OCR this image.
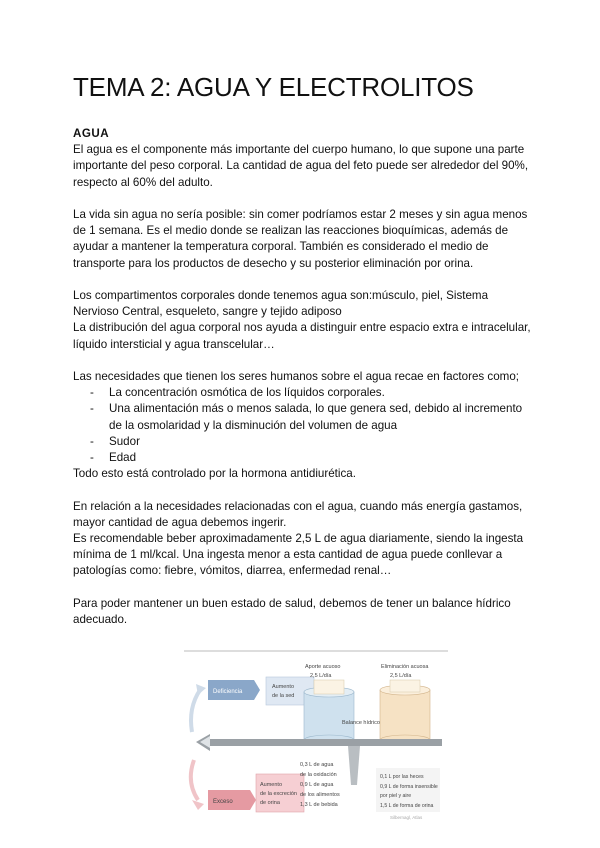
TEMA 2: AGUA Y ELECTROLITOS

AGUA

El agua es el componente más importante del cuerpo humano, lo que supone una parte importante del peso corporal. La cantidad de agua del feto puede ser alrededor del 90%, respecto al 60% del adulto.

La vida sin agua no sería posible: sin comer podríamos estar 2 meses y sin agua menos de 1 semana. Es el medio donde se realizan las reacciones bioquímicas, además de ayudar a mantener la temperatura corporal. También es considerado el medio de transporte para los productos de desecho y su posterior eliminación por orina.

Los compartimentos corporales donde tenemos agua son:músculo, piel, Sistema Nervioso Central, esqueleto, sangre y tejido adiposo

La distribución del agua corporal nos ayuda a distinguir entre espacio extra e intracelular, líquido intersticial y agua transcelular…

Las necesidades que tienen los seres humanos sobre el agua recae en factores como;

- La concentración osmótica de los líquidos corporales.
- Una alimentación más o menos salada, lo que genera sed, debido al incremento de la osmolaridad y la disminución del volumen de agua
- Sudor
- Edad

Todo esto está controlado por la hormona antidiurética.

En relación a la necesidades relacionadas con el agua, cuando más energía gastamos, mayor cantidad de agua debemos ingerir.

Es recomendable beber aproximadamente 2,5 L de agua diariamente, siendo la ingesta mínima de 1 ml/kcal. Una ingesta menor a esta cantidad de agua puede conllevar a patologías como: fiebre, vómitos, diarrea, enfermedad renal…

Para poder mantener un buen estado de salud, debemos de tener un balance hídrico adecuado.

Deficiencia
Aumento
de la sed
Aporte acuoso
2,5 L/día
Eliminación acuosa
2,5 L/día
Balance hídrico
Exceso
Aumento
de la excreción
de orina
0,3 L de agua
de la oxidación
0,9 L de agua
de los alimentos
1,3 L de bebida
0,1 L por las heces
0,9 L de forma insensible
por piel y aire
1,5 L de forma de orina
Silbernagl, Atlas
